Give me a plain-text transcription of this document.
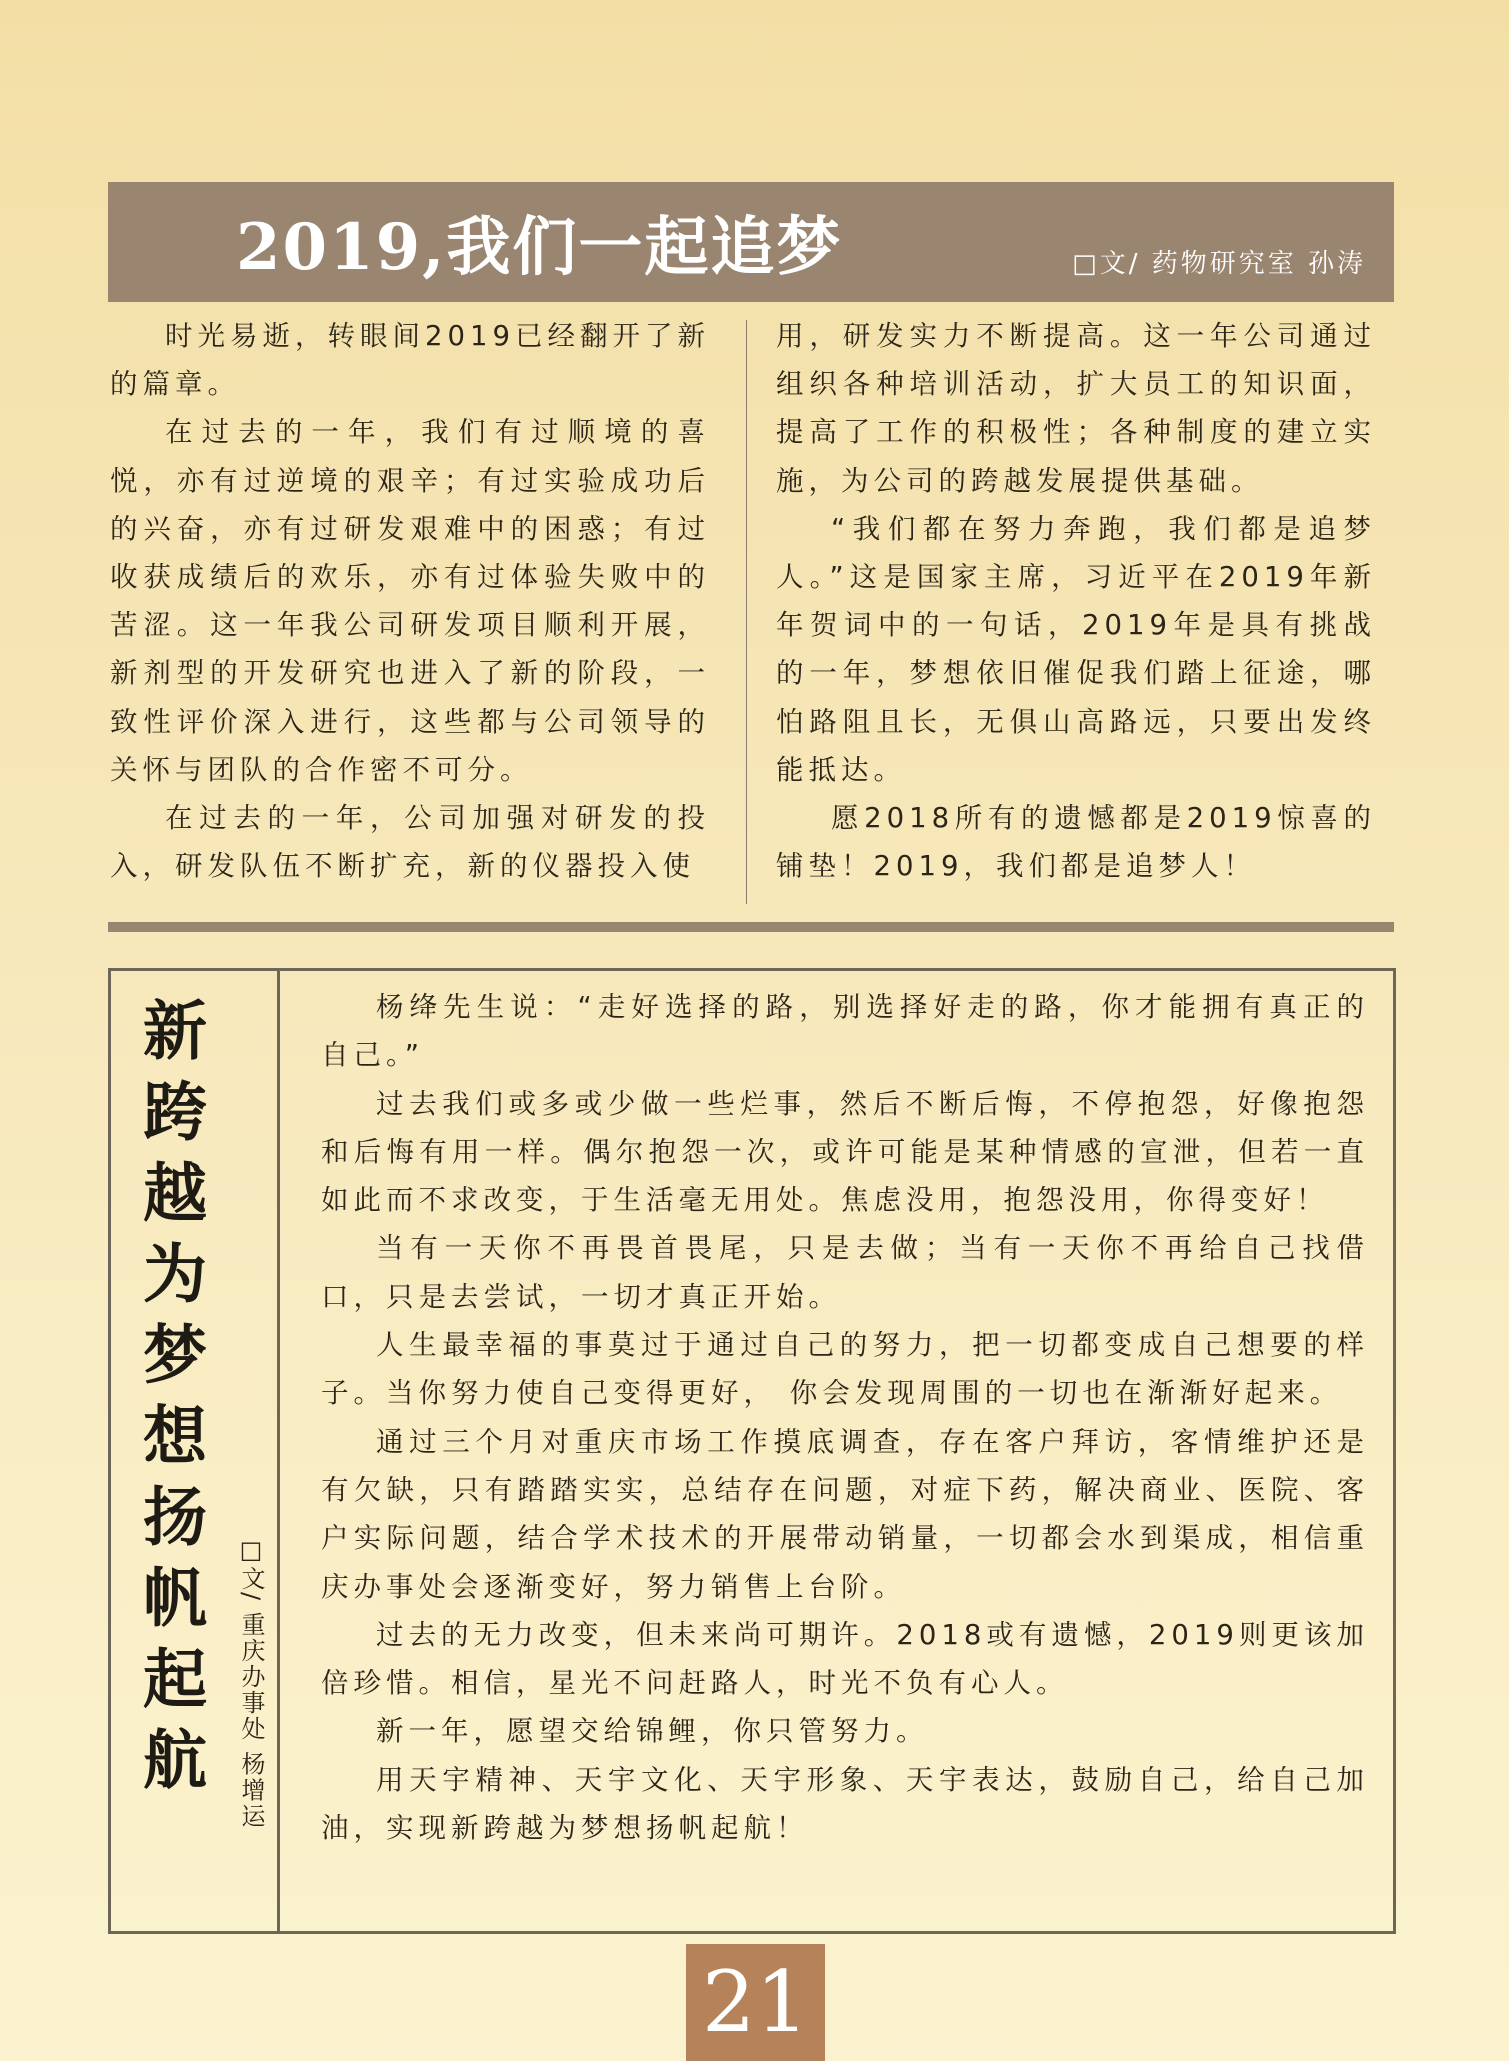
2019,我们一起追梦	□文/ 药物研究室 孙涛

时光易逝，转眼间2019已经翻开了新的篇章。

在过去的一年，我们有过顺境的喜悦，亦有过逆境的艰辛；有过实验成功后的兴奋，亦有过研发艰难中的困惑；有过收获成绩后的欢乐，亦有过体验失败中的苦涩。这一年我公司研发项目顺利开展，新剂型的开发研究也进入了新的阶段，一致性评价深入进行，这些都与公司领导的关怀与团队的合作密不可分。

在过去的一年，公司加强对研发的投入，研发队伍不断扩充，新的仪器投入使

用，研发实力不断提高。这一年公司通过组织各种培训活动，扩大员工的知识面，提高了工作的积极性；各种制度的建立实施，为公司的跨越发展提供基础。

“我们都在努力奔跑，我们都是追梦人。”这是国家主席，习近平在2019年新年贺词中的一句话，2019年是具有挑战的一年，梦想依旧催促我们踏上征途，哪怕路阻且长，无俱山高路远，只要出发终能抵达。

愿2018所有的遗憾都是2019惊喜的铺垫！2019，我们都是追梦人！

新跨越为梦想扬帆起航	□文/ 重庆办事处 杨增运

杨绛先生说：“走好选择的路，别选择好走的路，你才能拥有真正的自己。”

过去我们或多或少做一些烂事，然后不断后悔，不停抱怨，好像抱怨和后悔有用一样。偶尔抱怨一次，或许可能是某种情感的宣泄，但若一直如此而不求改变，于生活毫无用处。焦虑没用，抱怨没用，你得变好！

当有一天你不再畏首畏尾，只是去做；当有一天你不再给自己找借口，只是去尝试，一切才真正开始。

人生最幸福的事莫过于通过自己的努力，把一切都变成自己想要的样子。当你努力使自己变得更好， 你会发现周围的一切也在渐渐好起来。

通过三个月对重庆市场工作摸底调查，存在客户拜访，客情维护还是有欠缺，只有踏踏实实，总结存在问题，对症下药，解决商业、医院、客户实际问题，结合学术技术的开展带动销量，一切都会水到渠成，相信重庆办事处会逐渐变好，努力销售上台阶。

过去的无力改变，但未来尚可期许。2018或有遗憾，2019则更该加倍珍惜。相信，星光不问赶路人，时光不负有心人。

新一年，愿望交给锦鲤，你只管努力。

用天宇精神、天宇文化、天宇形象、天宇表达，鼓励自己，给自己加油，实现新跨越为梦想扬帆起航！

21
